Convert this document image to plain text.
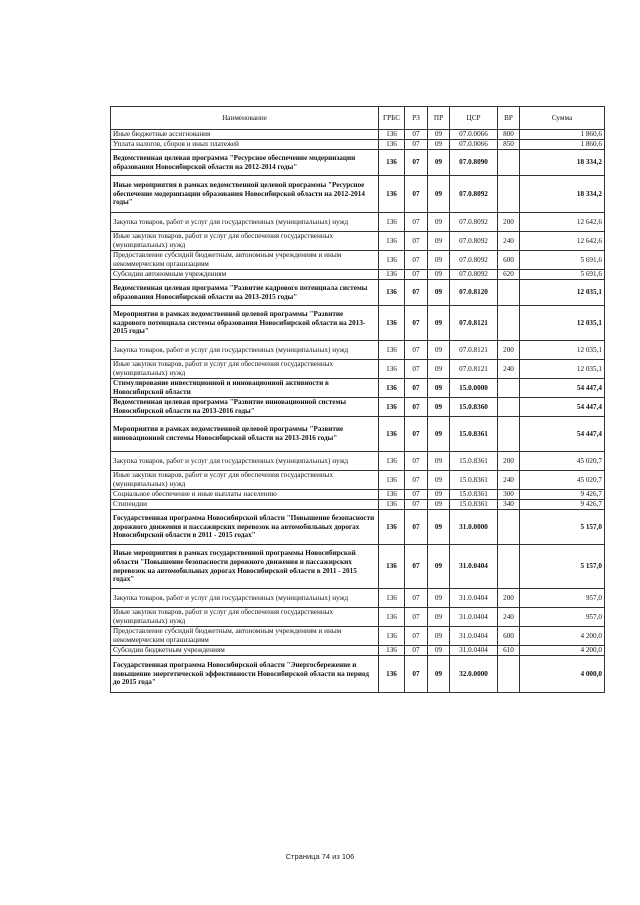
Наименование	ГРБС	РЗ	ПР	ЦСР	ВР	Сумма
Иные бюджетные ассигнования	136	07	09	07.0.0066	800	1 860,6
Уплата налогов, сборов и иных платежей	136	07	09	07.0.0066	850	1 860,6
Ведомственная целевая программа "Ресурсное обеспечение модернизации образования Новосибирской области на 2012-2014 годы"	136	07	09	07.0.8090		18 334,2
Иные мероприятия в рамках ведомственной целевой программы "Ресурсное обеспечение модернизации образования Новосибирской области на 2012-2014 годы"	136	07	09	07.0.8092		18 334,2
Закупка товаров, работ и услуг для государственных (муниципальных) нужд	136	07	09	07.0.8092	200	12 642,6
Иные закупки товаров, работ и услуг для обеспечения государственных (муниципальных) нужд	136	07	09	07.0.8092	240	12 642,6
Предоставление субсидий бюджетным, автономным учреждениям и иным некоммерческим организациям	136	07	09	07.0.8092	600	5 691,6
Субсидии автономным учреждениям	136	07	09	07.0.8092	620	5 691,6
Ведомственная целевая программа "Развитие кадрового потенциала системы образования Новосибирской области на 2013-2015 годы"	136	07	09	07.0.8120		12 035,1
Мероприятия в рамках ведомственной целевой программы "Развитие кадрового потенциала системы образования Новосибирской области на 2013-2015 годы"	136	07	09	07.0.8121		12 035,1
Закупка товаров, работ и услуг для государственных (муниципальных) нужд	136	07	09	07.0.8121	200	12 035,1
Иные закупки товаров, работ и услуг для обеспечения государственных (муниципальных) нужд	136	07	09	07.0.8121	240	12 035,1
Стимулирование инвестиционной и инновационной активности в Новосибирской области	136	07	09	15.0.0000		54 447,4
Ведомственная целевая программа "Развитие инновационной системы Новосибирской области на 2013-2016 годы"	136	07	09	15.0.8360		54 447,4
Мероприятия в рамках ведомственной целевой программы "Развитие инновационной системы Новосибирской области на 2013-2016 годы"	136	07	09	15.0.8361		54 447,4
Закупка товаров, работ и услуг для государственных (муниципальных) нужд	136	07	09	15.0.8361	200	45 020,7
Иные закупки товаров, работ и услуг для обеспечения государственных (муниципальных) нужд	136	07	09	15.0.8361	240	45 020,7
Социальное обеспечение и иные выплаты населению	136	07	09	15.0.8361	300	9 426,7
Стипендии	136	07	09	15.0.8361	340	9 426,7
Государственная программа Новосибирской области "Повышение безопасности дорожного движения и пассажирских перевозок на автомобильных дорогах Новосибирской области в 2011 - 2015 годах"	136	07	09	31.0.0000		5 157,0
Иные мероприятия в рамках государственной программы Новосибирской области "Повышение безопасности дорожного движения и пассажирских перевозок на автомобильных дорогах Новосибирской области в 2011 - 2015 годах"	136	07	09	31.0.0404		5 157,0
Закупка товаров, работ и услуг для государственных (муниципальных) нужд	136	07	09	31.0.0404	200	957,0
Иные закупки товаров, работ и услуг для обеспечения государственных (муниципальных) нужд	136	07	09	31.0.0404	240	957,0
Предоставление субсидий бюджетным, автономным учреждениям и иным некоммерческим организациям	136	07	09	31.0.0404	600	4 200,0
Субсидии бюджетным учреждениям	136	07	09	31.0.0404	610	4 200,0
Государственная программа Новосибирской области "Энергосбережение и повышение энергетической эффективности Новосибирской области на период до 2015 года"	136	07	09	32.0.0000		4 000,0
Страница 74 из 106
